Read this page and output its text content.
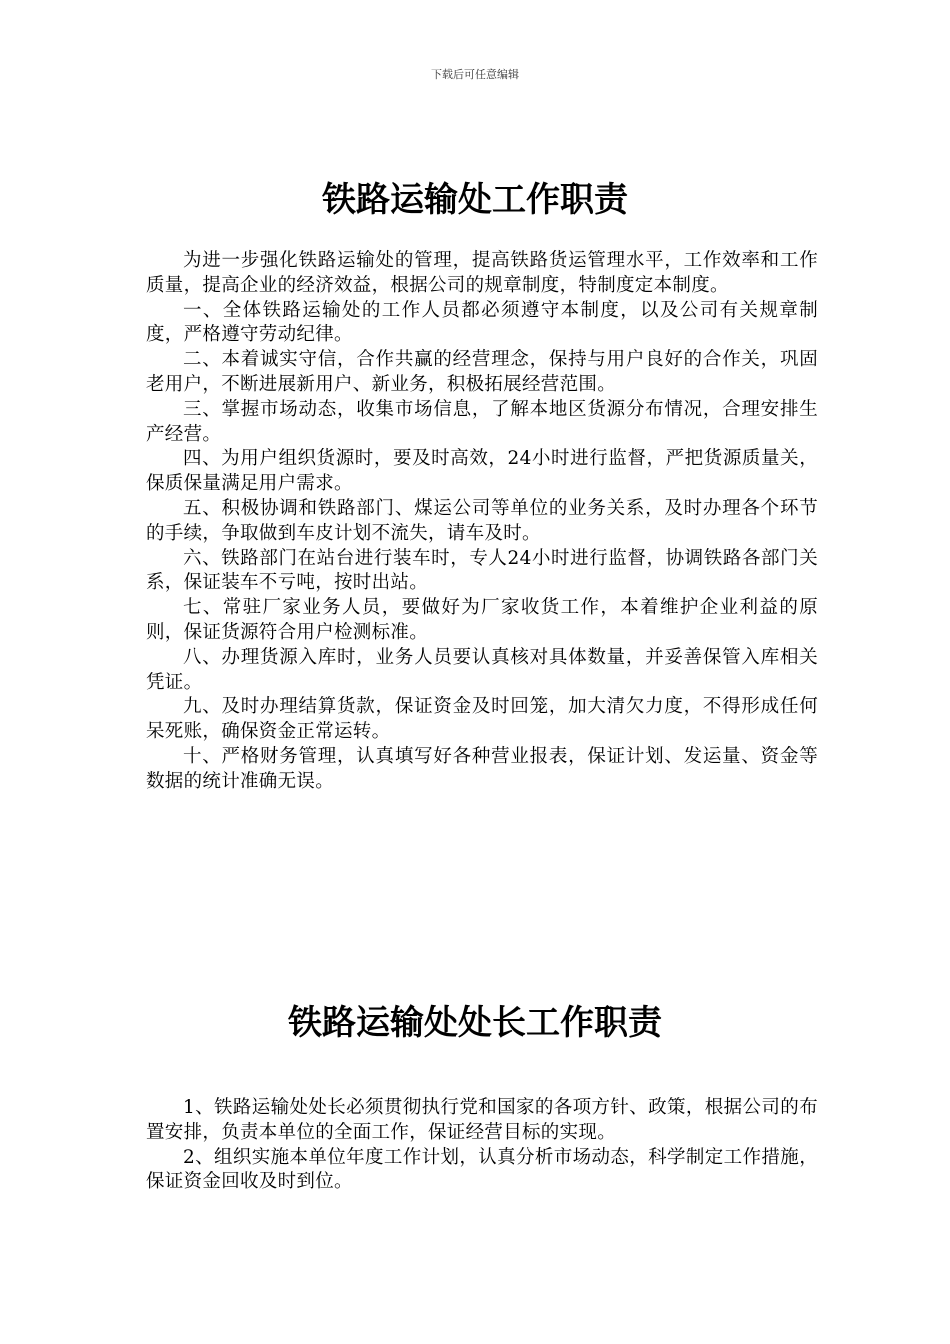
下载后可任意编辑
铁路运输处工作职责

为进一步强化铁路运输处的管理，提高铁路货运管理水平，工作效率和工作质量，提高企业的经济效益，根据公司的规章制度，特制度定本制度。

一、全体铁路运输处的工作人员都必须遵守本制度，以及公司有关规章制度，严格遵守劳动纪律。

二、本着诚实守信，合作共赢的经营理念，保持与用户良好的合作关，巩固老用户，不断进展新用户、新业务，积极拓展经营范围。

三、掌握市场动态，收集市场信息，了解本地区货源分布情况，合理安排生产经营。

四、为用户组织货源时，要及时高效，24小时进行监督，严把货源质量关，保质保量满足用户需求。

五、积极协调和铁路部门、煤运公司等单位的业务关系，及时办理各个环节的手续，争取做到车皮计划不流失，请车及时。

六、铁路部门在站台进行装车时，专人24小时进行监督，协调铁路各部门关系，保证装车不亏吨，按时出站。

七、常驻厂家业务人员，要做好为厂家收货工作，本着维护企业利益的原则，保证货源符合用户检测标准。

八、办理货源入库时，业务人员要认真核对具体数量，并妥善保管入库相关凭证。

九、及时办理结算货款，保证资金及时回笼，加大清欠力度，不得形成任何呆死账，确保资金正常运转。

十、严格财务管理，认真填写好各种营业报表，保证计划、发运量、资金等数据的统计准确无误。

铁路运输处处长工作职责

1、铁路运输处处长必须贯彻执行党和国家的各项方针、政策，根据公司的布置安排，负责本单位的全面工作，保证经营目标的实现。

2、组织实施本单位年度工作计划，认真分析市场动态，科学制定工作措施，保证资金回收及时到位。
